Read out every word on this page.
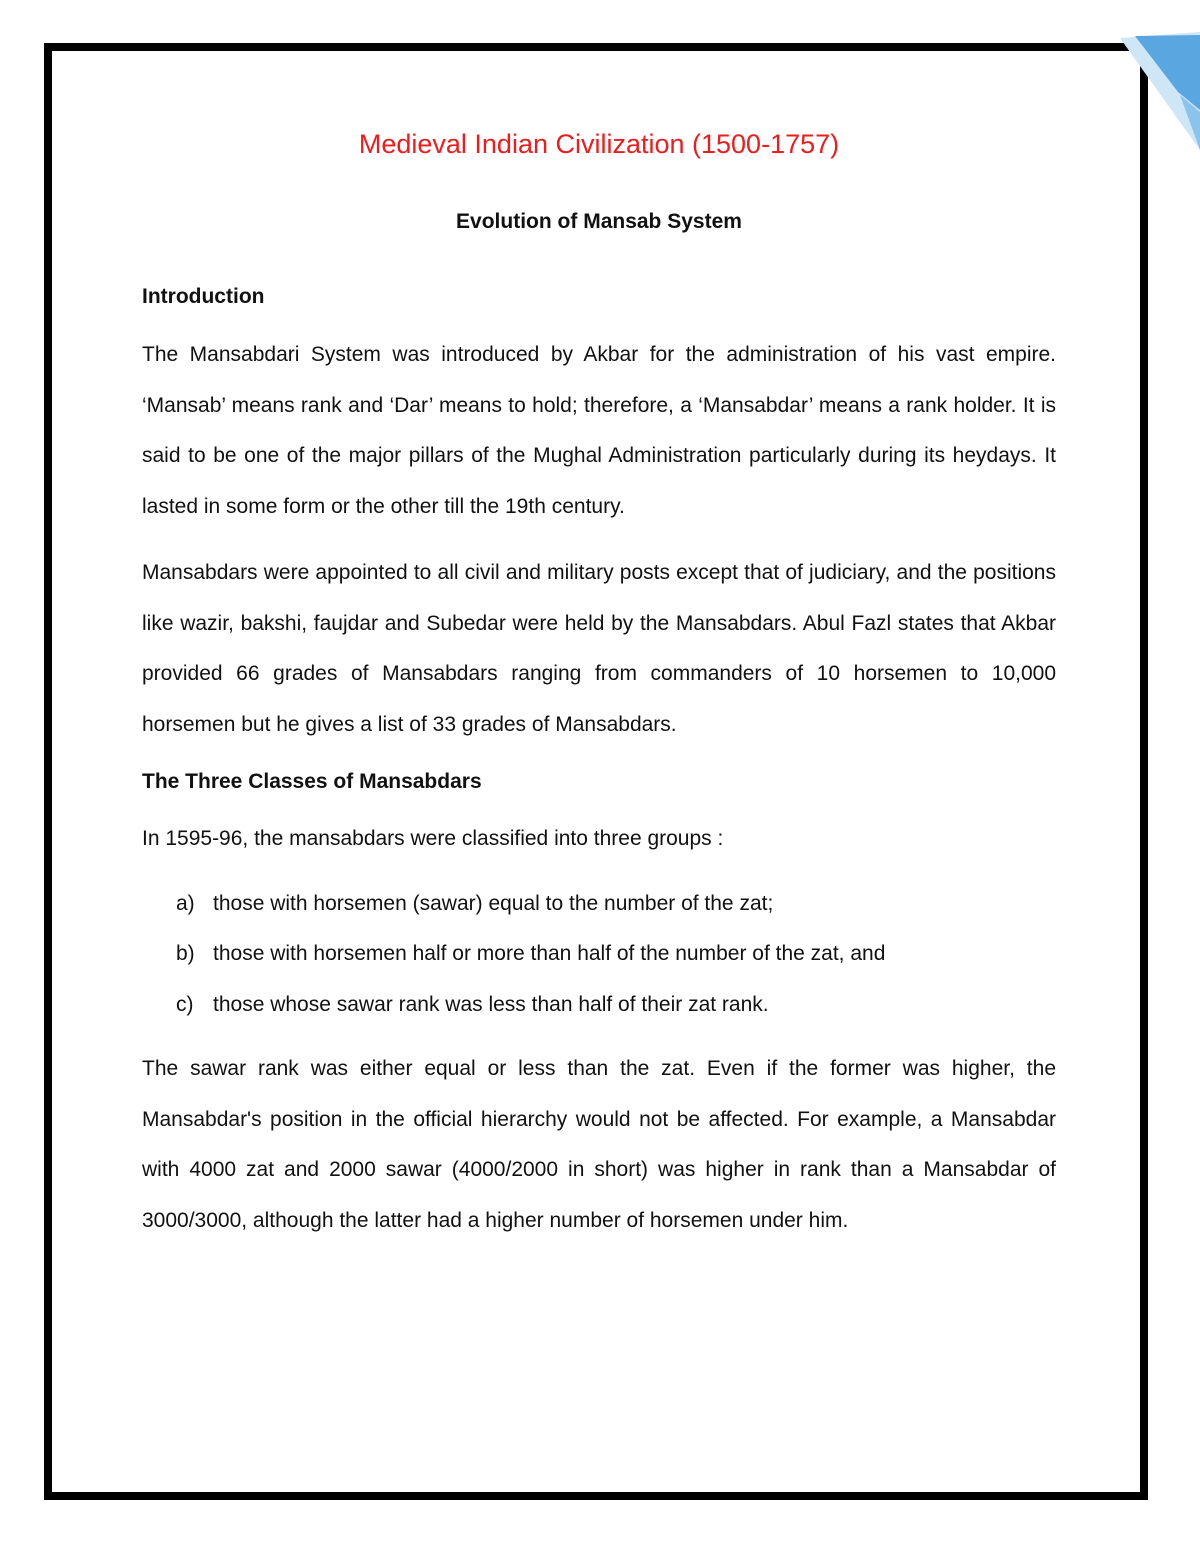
Medieval Indian Civilization (1500-1757)
Evolution of Mansab System
Introduction

The Mansabdari System was introduced by Akbar for the administration of his vast empire. ‘Mansab’ means rank and ‘Dar’ means to hold; therefore, a ‘Mansabdar’ means a rank holder. It is said to be one of the major pillars of the Mughal Administration particularly during its heydays. It lasted in some form or the other till the 19th century.

Mansabdars were appointed to all civil and military posts except that of judiciary, and the positions like wazir, bakshi, faujdar and Subedar were held by the Mansabdars. Abul Fazl states that Akbar provided 66 grades of Mansabdars ranging from commanders of 10 horsemen to 10,000 horsemen but he gives a list of 33 grades of Mansabdars.

The Three Classes of Mansabdars

In 1595-96, the mansabdars were classified into three groups :

a) those with horsemen (sawar) equal to the number of the zat;
b) those with horsemen half or more than half of the number of the zat, and
c) those whose sawar rank was less than half of their zat rank.

The sawar rank was either equal or less than the zat. Even if the former was higher, the Mansabdar's position in the official hierarchy would not be affected. For example, a Mansabdar with 4000 zat and 2000 sawar (4000/2000 in short) was higher in rank than a Mansabdar of 3000/3000, although the latter had a higher number of horsemen under him.
